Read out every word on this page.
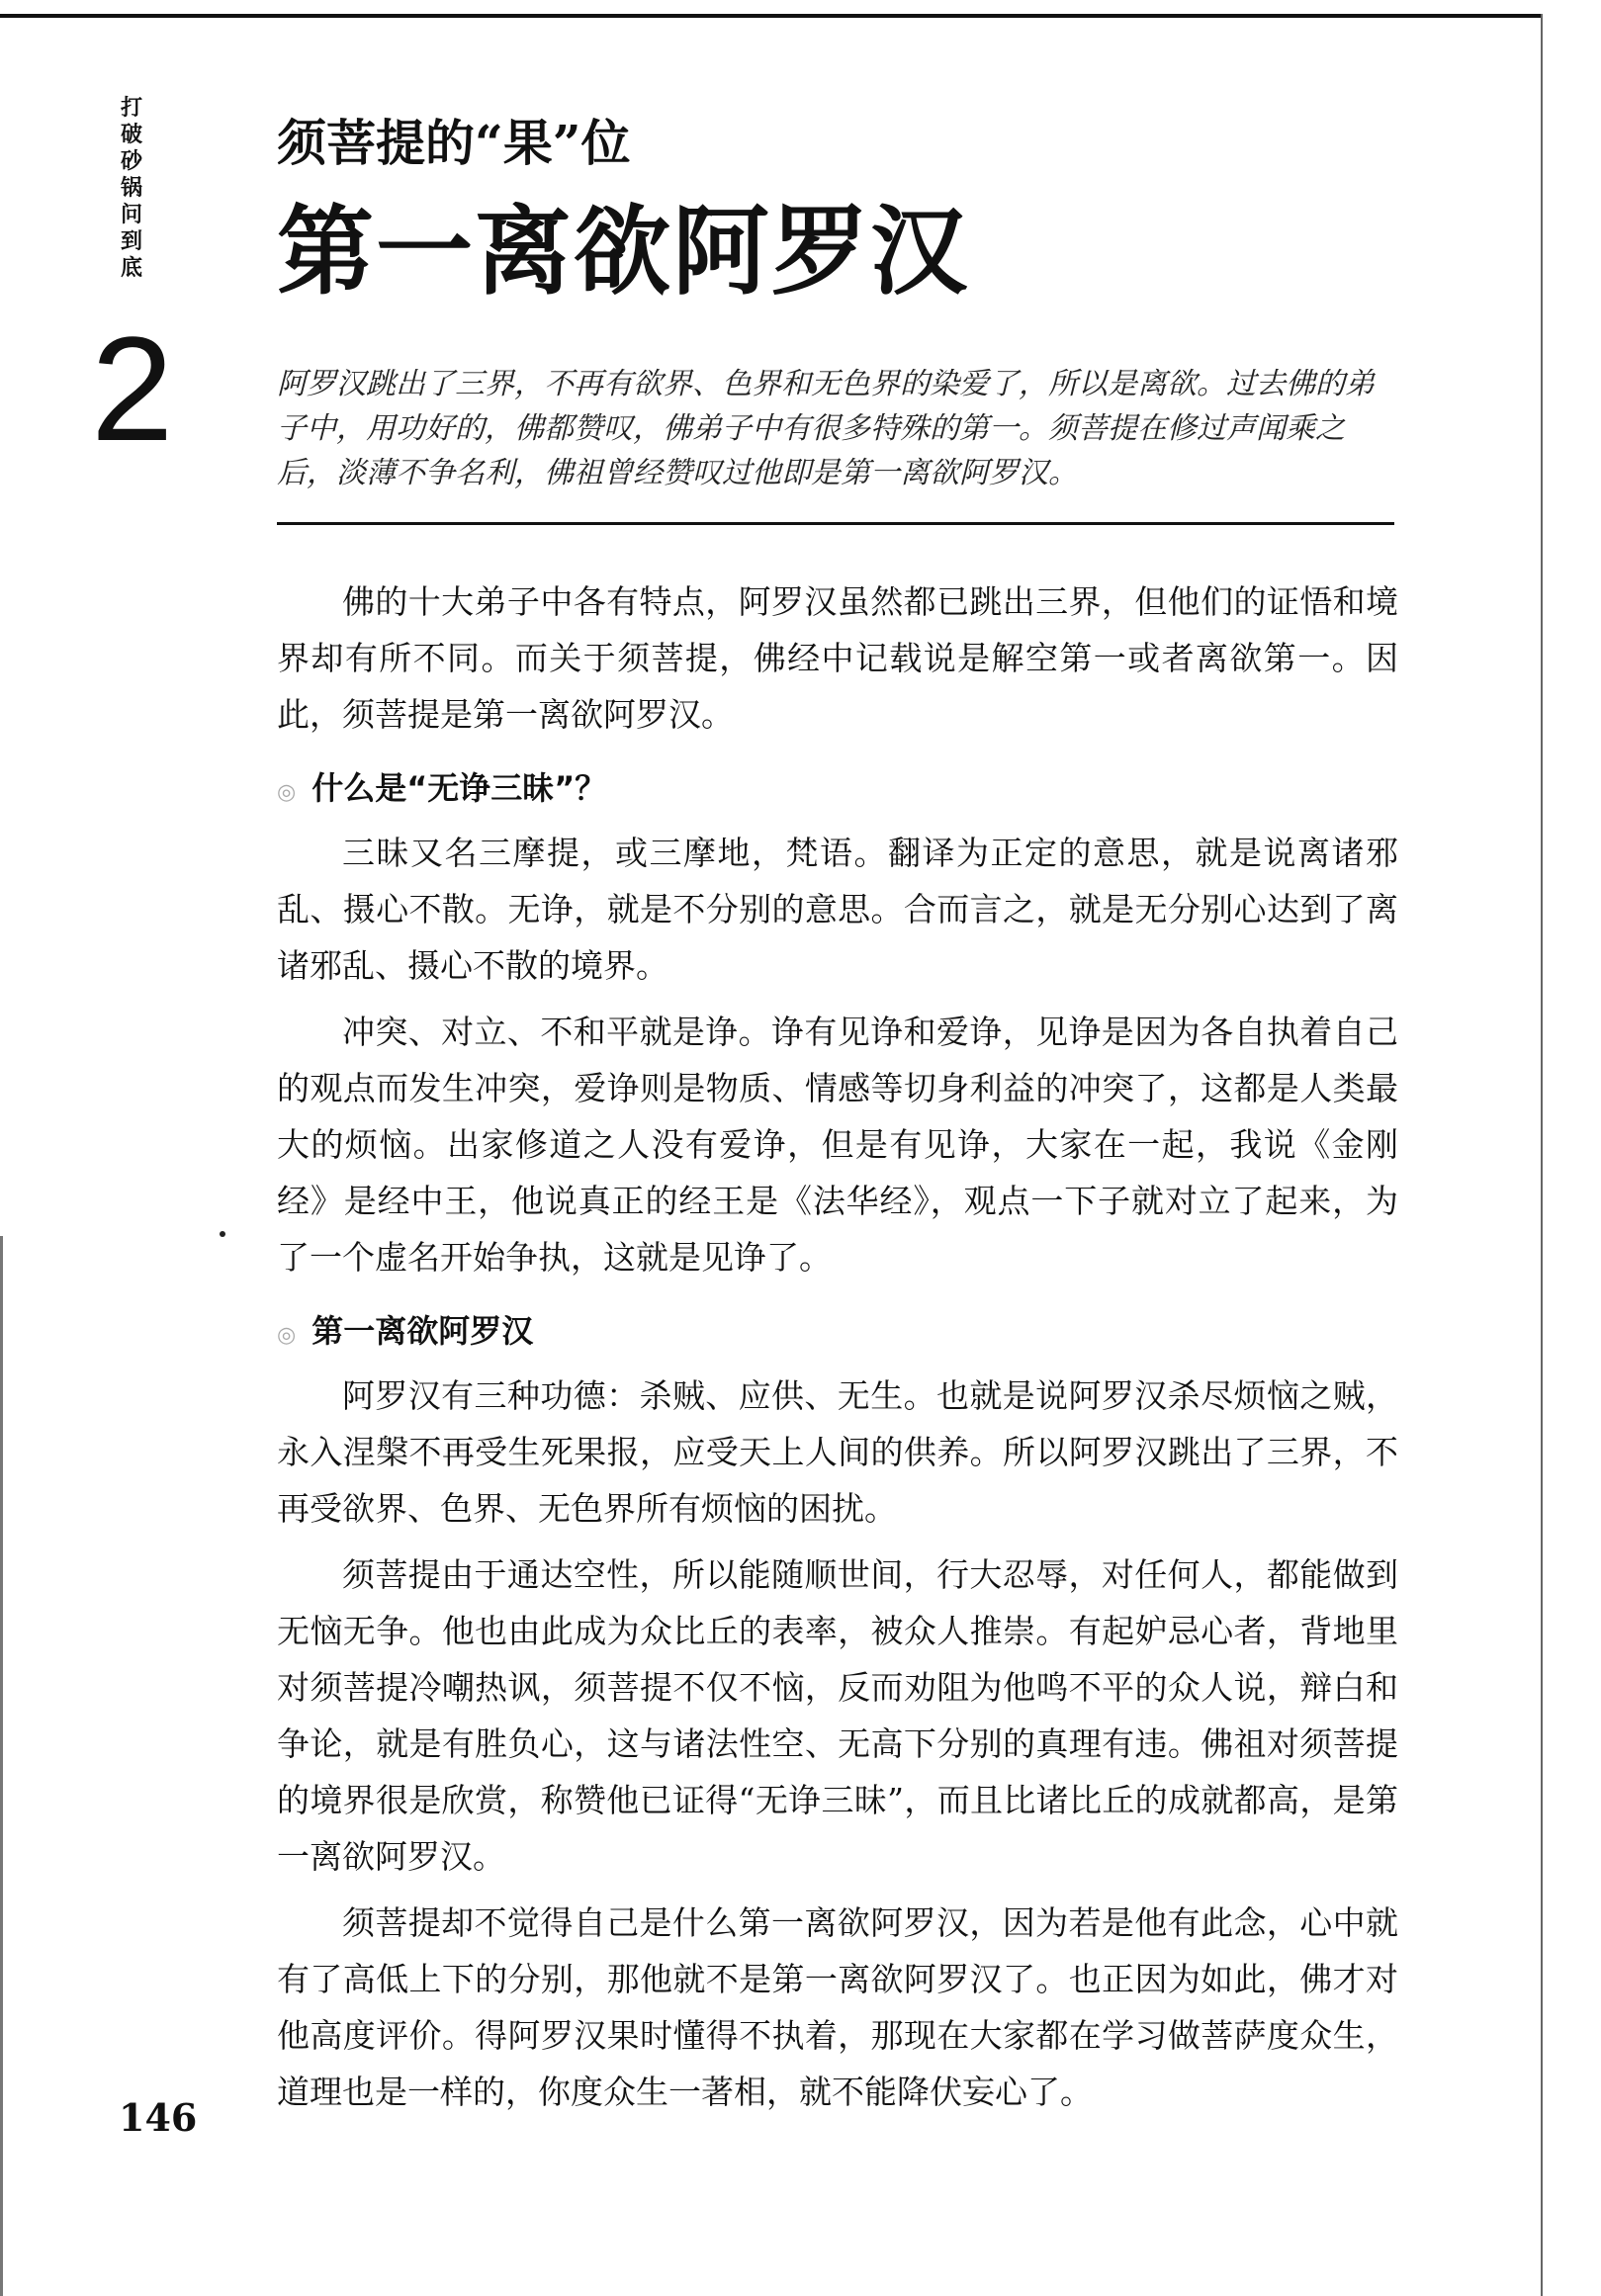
打破砂锅问到底
2
须菩提的“果”位
第一离欲阿罗汉
阿罗汉跳出了三界，不再有欲界、色界和无色界的染爱了，所以是离欲。过去佛的弟子中，用功好的，佛都赞叹，佛弟子中有很多特殊的第一。须菩提在修过声闻乘之后，淡薄不争名利，佛祖曾经赞叹过他即是第一离欲阿罗汉。

佛的十大弟子中各有特点，阿罗汉虽然都已跳出三界，但他们的证悟和境界却有所不同。而关于须菩提，佛经中记载说是解空第一或者离欲第一。因此，须菩提是第一离欲阿罗汉。

◎ 什么是“无诤三昧”？

三昧又名三摩提，或三摩地，梵语。翻译为正定的意思，就是说离诸邪乱、摄心不散。无诤，就是不分别的意思。合而言之，就是无分别心达到了离诸邪乱、摄心不散的境界。

冲突、对立、不和平就是诤。诤有见诤和爱诤，见诤是因为各自执着自己的观点而发生冲突，爱诤则是物质、情感等切身利益的冲突了，这都是人类最大的烦恼。出家修道之人没有爱诤，但是有见诤，大家在一起，我说《金刚经》是经中王，他说真正的经王是《法华经》，观点一下子就对立了起来，为了一个虚名开始争执，这就是见诤了。

◎ 第一离欲阿罗汉

阿罗汉有三种功德：杀贼、应供、无生。也就是说阿罗汉杀尽烦恼之贼，永入涅槃不再受生死果报，应受天上人间的供养。所以阿罗汉跳出了三界，不再受欲界、色界、无色界所有烦恼的困扰。

须菩提由于通达空性，所以能随顺世间，行大忍辱，对任何人，都能做到无恼无争。他也由此成为众比丘的表率，被众人推崇。有起妒忌心者，背地里对须菩提冷嘲热讽，须菩提不仅不恼，反而劝阻为他鸣不平的众人说，辩白和争论，就是有胜负心，这与诸法性空、无高下分别的真理有违。佛祖对须菩提的境界很是欣赏，称赞他已证得“无诤三昧”，而且比诸比丘的成就都高，是第一离欲阿罗汉。

须菩提却不觉得自己是什么第一离欲阿罗汉，因为若是他有此念，心中就有了高低上下的分别，那他就不是第一离欲阿罗汉了。也正因为如此，佛才对他高度评价。得阿罗汉果时懂得不执着，那现在大家都在学习做菩萨度众生，道理也是一样的，你度众生一著相，就不能降伏妄心了。

146
